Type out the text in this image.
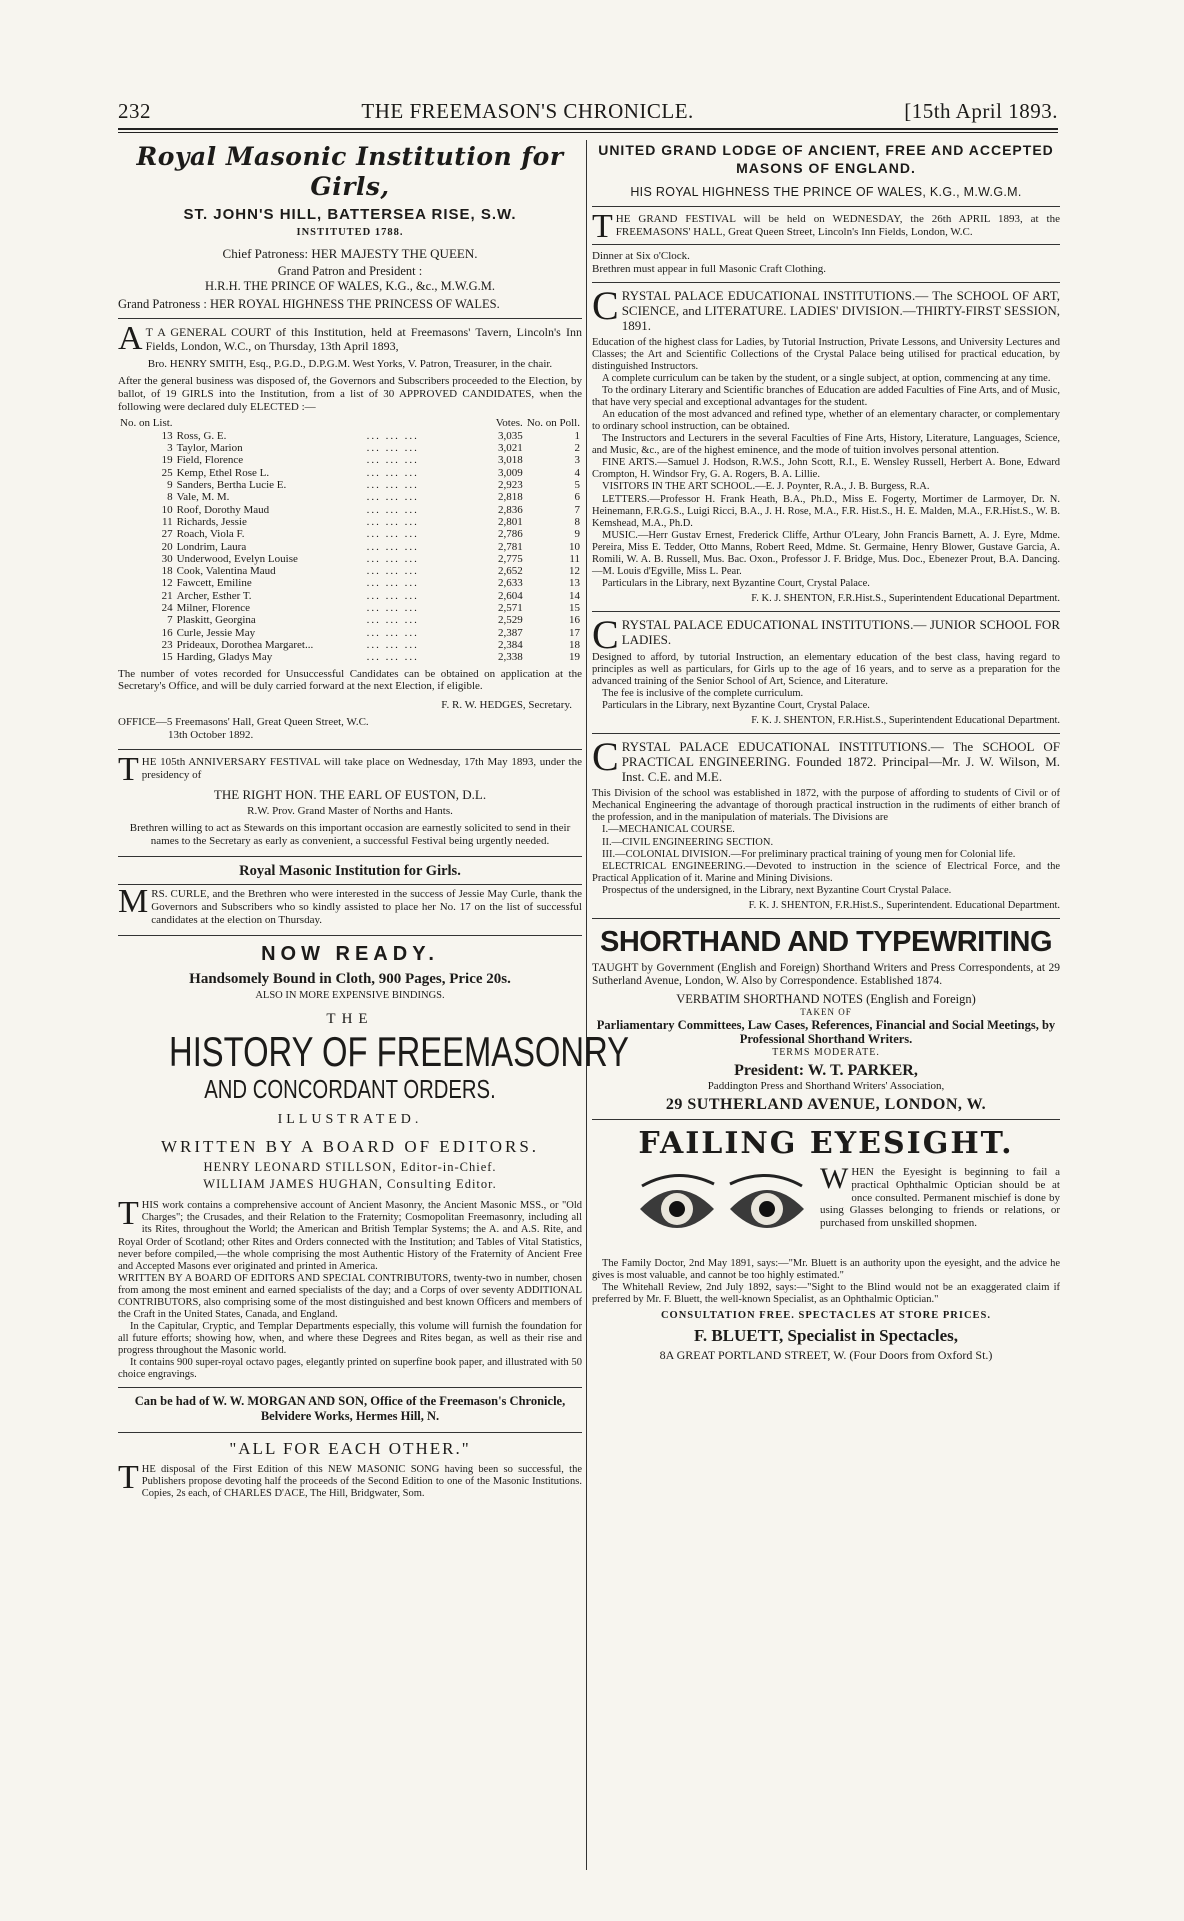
232	THE FREEMASON'S CHRONICLE.	[15th April 1893.
Royal Masonic Institution for Girls,
ST. JOHN'S HILL, BATTERSEA RISE, S.W.
INSTITUTED 1788.
Chief Patroness: HER MAJESTY THE QUEEN.
Grand Patron and President :
H.R.H. THE PRINCE OF WALES, K.G., &c., M.W.G.M.
Grand Patroness : HER ROYAL HIGHNESS THE PRINCESS OF WALES.
A T A GENERAL COURT of this Institution, held at Freemasons' Tavern, Lincoln's Inn Fields, London, W.C., on Thursday, 13th April 1893,
Bro. HENRY SMITH, Esq., P.G.D., D.P.G.M. West Yorks, V. Patron, Treasurer, in the chair.
After the general business was disposed of, the Governors and Subscribers proceeded to the Election, by ballot, of 19 GIRLS into the Institution, from a list of 30 APPROVED CANDIDATES, when the following were declared duly ELECTED :—
No. on List.			Votes.	No. on Poll.
13	Ross, G. E.	... ... ...	3,035	1
3	Taylor, Marion	... ... ...	3,021	2
19	Field, Florence	... ... ...	3,018	3
25	Kemp, Ethel Rose L.	... ... ...	3,009	4
9	Sanders, Bertha Lucie E.	... ... ...	2,923	5
8	Vale, M. M.	... ... ...	2,818	6
10	Roof, Dorothy Maud	... ... ...	2,836	7
11	Richards, Jessie	... ... ...	2,801	8
27	Roach, Viola F.	... ... ...	2,786	9
20	Londrim, Laura	... ... ...	2,781	10
30	Underwood, Evelyn Louise	... ... ...	2,775	11
18	Cook, Valentina Maud	... ... ...	2,652	12
12	Fawcett, Emiline	... ... ...	2,633	13
21	Archer, Esther T.	... ... ...	2,604	14
24	Milner, Florence	... ... ...	2,571	15
7	Plaskitt, Georgina	... ... ...	2,529	16
16	Curle, Jessie May	... ... ...	2,387	17
23	Prideaux, Dorothea Margaret...	... ... ...	2,384	18
15	Harding, Gladys May	... ... ...	2,338	19
The number of votes recorded for Unsuccessful Candidates can be obtained on application at the Secretary's Office, and will be duly carried forward at the next Election, if eligible.
F. R. W. HEDGES, Secretary.
OFFICE—5 Freemasons' Hall, Great Queen Street, W.C.
13th October 1892.
T HE 105th ANNIVERSARY FESTIVAL will take place on Wednesday, 17th May 1893, under the presidency of
THE RIGHT HON. THE EARL OF EUSTON, D.L.
R.W. Prov. Grand Master of Norths and Hants.
Brethren willing to act as Stewards on this important occasion are earnestly solicited to send in their names to the Secretary as early as convenient, a successful Festival being urgently needed.
Royal Masonic Institution for Girls.
M RS. CURLE, and the Brethren who were interested in the success of Jessie May Curle, thank the Governors and Subscribers who so kindly assisted to place her No. 17 on the list of successful candidates at the election on Thursday.
NOW READY.
Handsomely Bound in Cloth, 900 Pages, Price 20s.
ALSO IN MORE EXPENSIVE BINDINGS.
THE
HISTORY OF FREEMASONRY
AND CONCORDANT ORDERS.
ILLUSTRATED.
WRITTEN BY A BOARD OF EDITORS.
HENRY LEONARD STILLSON, Editor-in-Chief.
WILLIAM JAMES HUGHAN, Consulting Editor.
T HIS work contains a comprehensive account of Ancient Masonry, the Ancient Masonic MSS., or "Old Charges"; the Crusades, and their Relation to the Fraternity; Cosmopolitan Freemasonry, including all its Rites, throughout the World; the American and British Templar Systems; the A. and A.S. Rite, and Royal Order of Scotland; other Rites and Orders connected with the Institution; and Tables of Vital Statistics, never before compiled,—the whole comprising the most Authentic History of the Fraternity of Ancient Free and Accepted Masons ever originated and printed in America.
WRITTEN BY A BOARD OF EDITORS AND SPECIAL CONTRIBUTORS, twenty-two in number, chosen from among the most eminent and earned specialists of the day; and a Corps of over seventy ADDITIONAL CONTRIBUTORS, also comprising some of the most distinguished and best known Officers and members of the Craft in the United States, Canada, and England.
In the Capitular, Cryptic, and Templar Departments especially, this volume will furnish the foundation for all future efforts; showing how, when, and where these Degrees and Rites began, as well as their rise and progress throughout the Masonic world.
It contains 900 super-royal octavo pages, elegantly printed on superfine book paper, and illustrated with 50 choice engravings.
Can be had of W. W. MORGAN AND SON, Office of the Freemason's Chronicle, Belvidere Works, Hermes Hill, N.
"ALL FOR EACH OTHER."
T HE disposal of the First Edition of this NEW MASONIC SONG having been so successful, the Publishers propose devoting half the proceeds of the Second Edition to one of the Masonic Institutions. Copies, 2s each, of CHARLES D'ACE, The Hill, Bridgwater, Som.
UNITED GRAND LODGE OF ANCIENT, FREE AND ACCEPTED MASONS OF ENGLAND.
HIS ROYAL HIGHNESS THE PRINCE OF WALES, K.G., M.W.G.M.
T HE GRAND FESTIVAL will be held on WEDNESDAY, the 26th APRIL 1893, at the FREEMASONS' HALL, Great Queen Street, Lincoln's Inn Fields, London, W.C.
Dinner at Six o'Clock.
Brethren must appear in full Masonic Craft Clothing.
C RYSTAL PALACE EDUCATIONAL INSTITUTIONS.— The SCHOOL OF ART, SCIENCE, and LITERATURE. LADIES' DIVISION.—THIRTY-FIRST SESSION, 1891.
Education of the highest class for Ladies, by Tutorial Instruction, Private Lessons, and University Lectures and Classes; the Art and Scientific Collections of the Crystal Palace being utilised for practical education, by distinguished Instructors.
A complete curriculum can be taken by the student, or a single subject, at option, commencing at any time.
To the ordinary Literary and Scientific branches of Education are added Faculties of Fine Arts, and of Music, that have very special and exceptional advantages for the student.
An education of the most advanced and refined type, whether of an elementary character, or complementary to ordinary school instruction, can be obtained.
The Instructors and Lecturers in the several Faculties of Fine Arts, History, Literature, Languages, Science, and Music, &c., are of the highest eminence, and the mode of tuition involves personal attention.
FINE ARTS.—Samuel J. Hodson, R.W.S., John Scott, R.I., E. Wensley Russell, Herbert A. Bone, Edward Crompton, H. Windsor Fry, G. A. Rogers, B. A. Lillie.
VISITORS IN THE ART SCHOOL.—E. J. Poynter, R.A., J. B. Burgess, R.A.
LETTERS.—Professor H. Frank Heath, B.A., Ph.D., Miss E. Fogerty, Mortimer de Larmoyer, Dr. N. Heinemann, F.R.G.S., Luigi Ricci, B.A., J. H. Rose, M.A., F.R. Hist.S., H. E. Malden, M.A., F.R.Hist.S., W. B. Kemshead, M.A., Ph.D.
MUSIC.—Herr Gustav Ernest, Frederick Cliffe, Arthur O'Leary, John Francis Barnett, A. J. Eyre, Mdme. Pereira, Miss E. Tedder, Otto Manns, Robert Reed, Mdme. St. Germaine, Henry Blower, Gustave Garcia, A. Romili, W. A. B. Russell, Mus. Bac. Oxon., Professor J. F. Bridge, Mus. Doc., Ebenezer Prout, B.A. Dancing.—M. Louis d'Egville, Miss L. Pear.
Particulars in the Library, next Byzantine Court, Crystal Palace.
F. K. J. SHENTON, F.R.Hist.S., Superintendent Educational Department.
C RYSTAL PALACE EDUCATIONAL INSTITUTIONS.— JUNIOR SCHOOL FOR LADIES.
Designed to afford, by tutorial Instruction, an elementary education of the best class, having regard to principles as well as particulars, for Girls up to the age of 16 years, and to serve as a preparation for the advanced training of the Senior School of Art, Science, and Literature.
The fee is inclusive of the complete curriculum.
Particulars in the Library, next Byzantine Court, Crystal Palace.
F. K. J. SHENTON, F.R.Hist.S., Superintendent Educational Department.
C RYSTAL PALACE EDUCATIONAL INSTITUTIONS.— The SCHOOL OF PRACTICAL ENGINEERING. Founded 1872. Principal—Mr. J. W. Wilson, M. Inst. C.E. and M.E.
This Division of the school was established in 1872, with the purpose of affording to students of Civil or of Mechanical Engineering the advantage of thorough practical instruction in the rudiments of either branch of the profession, and in the manipulation of materials. The Divisions are
I.—MECHANICAL COURSE.
II.—CIVIL ENGINEERING SECTION.
III.—COLONIAL DIVISION.—For preliminary practical training of young men for Colonial life.
ELECTRICAL ENGINEERING.—Devoted to instruction in the science of Electrical Force, and the Practical Application of it. Marine and Mining Divisions.
Prospectus of the undersigned, in the Library, next Byzantine Court Crystal Palace.
F. K. J. SHENTON, F.R.Hist.S., Superintendent. Educational Department.
SHORTHAND AND TYPEWRITING
TAUGHT by Government (English and Foreign) Shorthand Writers and Press Correspondents, at 29 Sutherland Avenue, London, W. Also by Correspondence. Established 1874.
VERBATIM SHORTHAND NOTES (English and Foreign)
TAKEN OF
Parliamentary Committees, Law Cases, References, Financial and Social Meetings, by Professional Shorthand Writers.
TERMS MODERATE.
President: W. T. PARKER,
Paddington Press and Shorthand Writers' Association,
29 SUTHERLAND AVENUE, LONDON, W.
FAILING EYESIGHT.
W HEN the Eyesight is beginning to fail a practical Ophthalmic Optician should be at once consulted. Permanent mischief is done by using Glasses belonging to friends or relations, or purchased from unskilled shopmen.
The Family Doctor, 2nd May 1891, says:—"Mr. Bluett is an authority upon the eyesight, and the advice he gives is most valuable, and cannot be too highly estimated."
The Whitehall Review, 2nd July 1892, says:—"Sight to the Blind would not be an exaggerated claim if preferred by Mr. F. Bluett, the well-known Specialist, as an Ophthalmic Optician."
CONSULTATION FREE. SPECTACLES AT STORE PRICES.
F. BLUETT, Specialist in Spectacles,
8A GREAT PORTLAND STREET, W. (Four Doors from Oxford St.)
